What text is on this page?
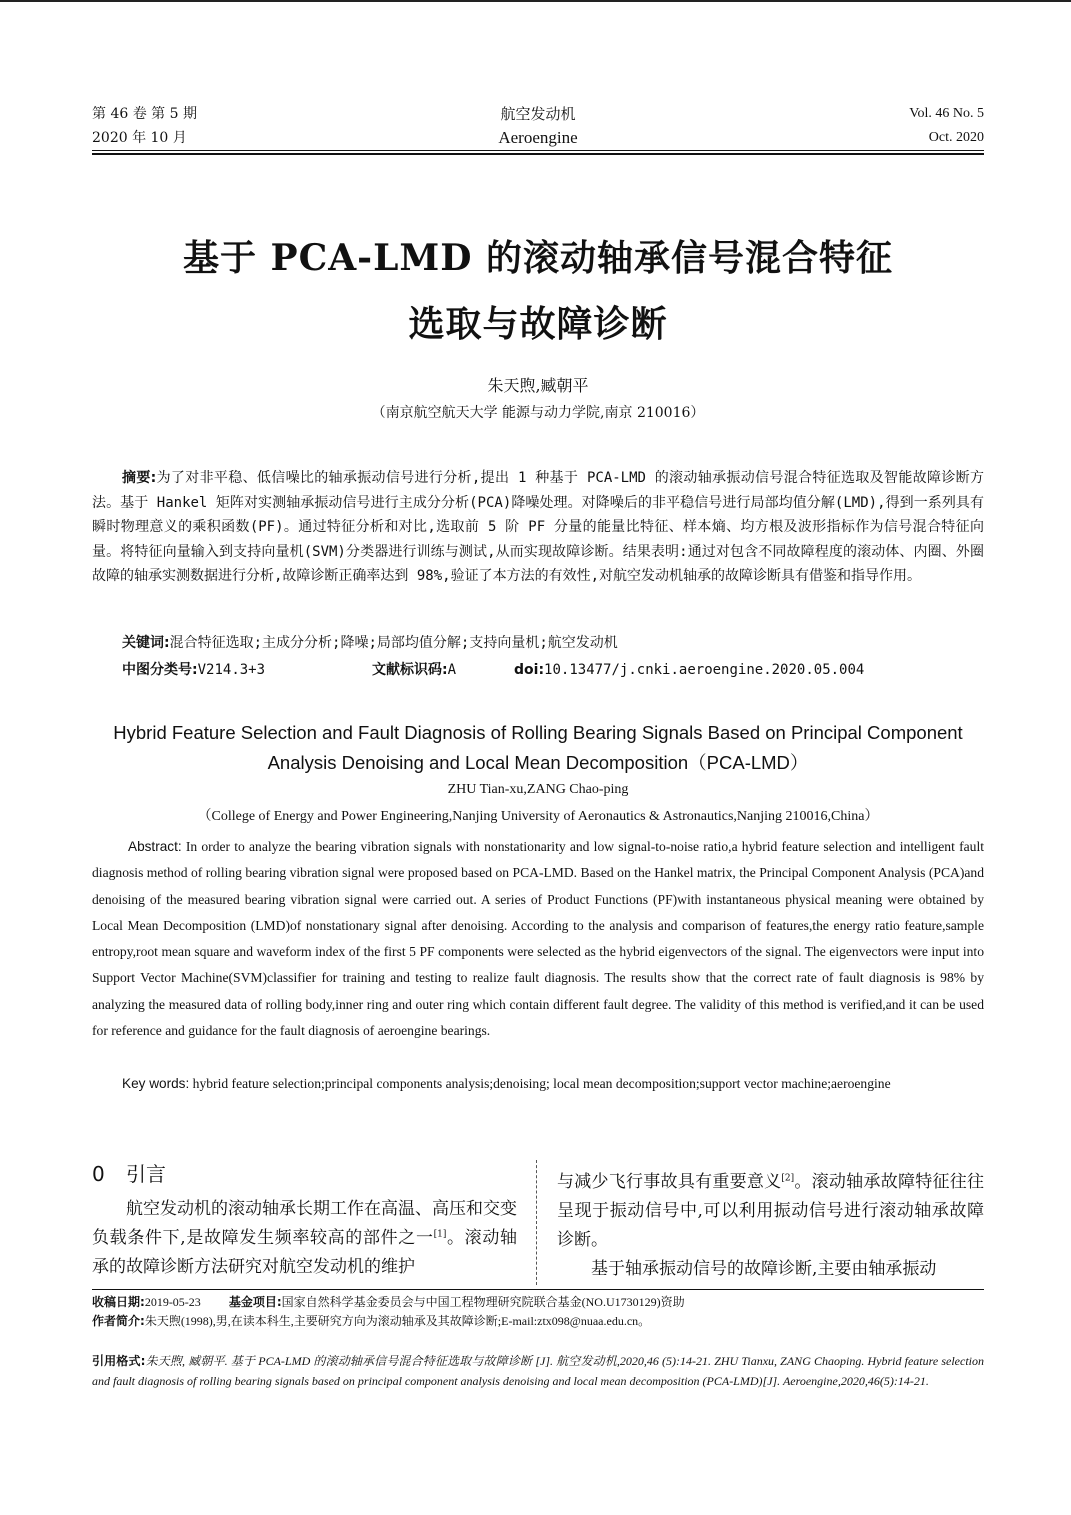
第 46 卷 第 5 期
2020 年 10 月
航空发动机
Aeroengine
Vol. 46 No. 5
Oct. 2020
基于 PCA-LMD 的滚动轴承信号混合特征
选取与故障诊断
朱天煦,臧朝平
（南京航空航天大学 能源与动力学院,南京 210016）

摘要:为了对非平稳、低信噪比的轴承振动信号进行分析,提出 1 种基于 PCA-LMD 的滚动轴承振动信号混合特征选取及智能故障诊断方法。基于 Hankel 矩阵对实测轴承振动信号进行主成分分析(PCA)降噪处理。对降噪后的非平稳信号进行局部均值分解(LMD),得到一系列具有瞬时物理意义的乘积函数(PF)。通过特征分析和对比,选取前 5 阶 PF 分量的能量比特征、样本熵、均方根及波形指标作为信号混合特征向量。将特征向量输入到支持向量机(SVM)分类器进行训练与测试,从而实现故障诊断。结果表明:通过对包含不同故障程度的滚动体、内圈、外圈故障的轴承实测数据进行分析,故障诊断正确率达到 98%,验证了本方法的有效性,对航空发动机轴承的故障诊断具有借鉴和指导作用。

关键词:混合特征选取;主成分分析;降噪;局部均值分解;支持向量机;航空发动机
中图分类号:V214.3+3	文献标识码:A	doi:10.13477/j.cnki.aeroengine.2020.05.004
Hybrid Feature Selection and Fault Diagnosis of Rolling Bearing Signals Based on Principal Component
Analysis Denoising and Local Mean Decomposition（PCA-LMD）
ZHU Tian-xu,ZANG Chao-ping
（College of Energy and Power Engineering,Nanjing University of Aeronautics & Astronautics,Nanjing 210016,China）

Abstract: In order to analyze the bearing vibration signals with nonstationarity and low signal-to-noise ratio,a hybrid feature selection and intelligent fault diagnosis method of rolling bearing vibration signal were proposed based on PCA-LMD. Based on the Hankel matrix, the Principal Component Analysis (PCA)and denoising of the measured bearing vibration signal were carried out. A series of Product Functions (PF)with instantaneous physical meaning were obtained by Local Mean Decomposition (LMD)of nonstationary signal after denoising. According to the analysis and comparison of features,the energy ratio feature,sample entropy,root mean square and waveform index of the first 5 PF components were selected as the hybrid eigenvectors of the signal. The eigenvectors were input into Support Vector Machine(SVM)classifier for training and testing to realize fault diagnosis. The results show that the correct rate of fault diagnosis is 98% by analyzing the measured data of rolling body,inner ring and outer ring which contain different fault degree. The validity of this method is verified,and it can be used for reference and guidance for the fault diagnosis of aeroengine bearings.

Key words: hybrid feature selection;principal components analysis;denoising; local mean decomposition;support vector machine;aeroengine

0 引言

航空发动机的滚动轴承长期工作在高温、高压和交变负载条件下,是故障发生频率较高的部件之一[1]。滚动轴承的故障诊断方法研究对航空发动机的维护

与减少飞行事故具有重要意义[2]。滚动轴承故障特征往往呈现于振动信号中,可以利用振动信号进行滚动轴承故障诊断。

基于轴承振动信号的故障诊断,主要由轴承振动

收稿日期:2019-05-23 基金项目:国家自然科学基金委员会与中国工程物理研究院联合基金(NO.U1730129)资助
作者简介:朱天煦(1998),男,在读本科生,主要研究方向为滚动轴承及其故障诊断;E-mail:ztx098@nuaa.edu.cn。

引用格式:朱天煦, 臧朝平. 基于 PCA-LMD 的滚动轴承信号混合特征选取与故障诊断 [J]. 航空发动机,2020,46 (5):14-21. ZHU Tianxu, ZANG Chaoping. Hybrid feature selection and fault diagnosis of rolling bearing signals based on principal component analysis denoising and local mean decomposition (PCA-LMD)[J]. Aeroengine,2020,46(5):14-21.
